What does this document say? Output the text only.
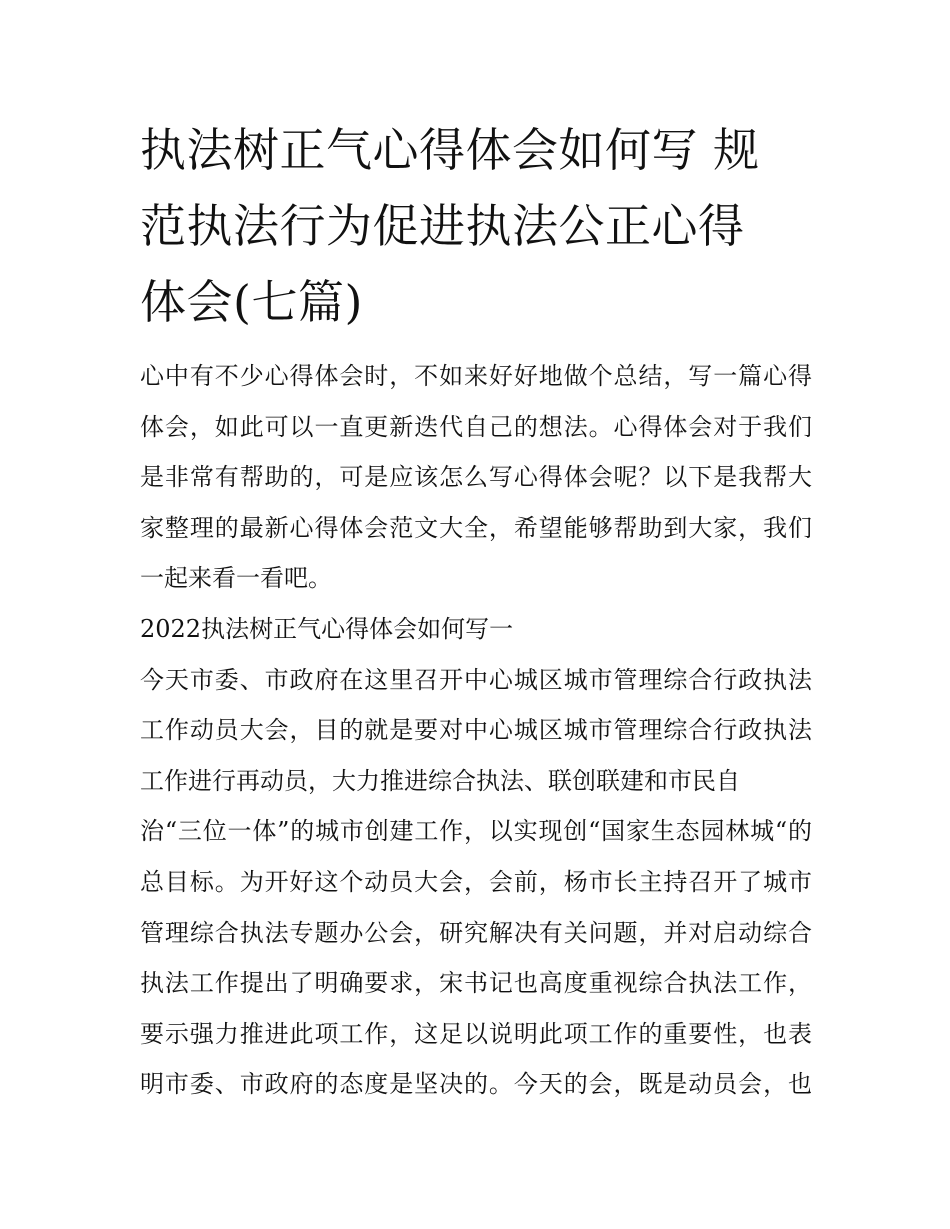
执法树正气心得体会如何写 规
范执法行为促进执法公正心得
体会(七篇)
心中有不少心得体会时，不如来好好地做个总结，写一篇心得
体会，如此可以一直更新迭代自己的想法。心得体会对于我们
是非常有帮助的，可是应该怎么写心得体会呢？以下是我帮大
家整理的最新心得体会范文大全，希望能够帮助到大家，我们
一起来看一看吧。
2022执法树正气心得体会如何写一
今天市委、市政府在这里召开中心城区城市管理综合行政执法
工作动员大会，目的就是要对中心城区城市管理综合行政执法
工作进行再动员，大力推进综合执法、联创联建和市民自
治“三位一体”的城市创建工作，以实现创“国家生态园林城“的
总目标。为开好这个动员大会，会前，杨市长主持召开了城市
管理综合执法专题办公会，研究解决有关问题，并对启动综合
执法工作提出了明确要求，宋书记也高度重视综合执法工作，
要示强力推进此项工作，这足以说明此项工作的重要性，也表
明市委、市政府的态度是坚决的。今天的会，既是动员会，也
